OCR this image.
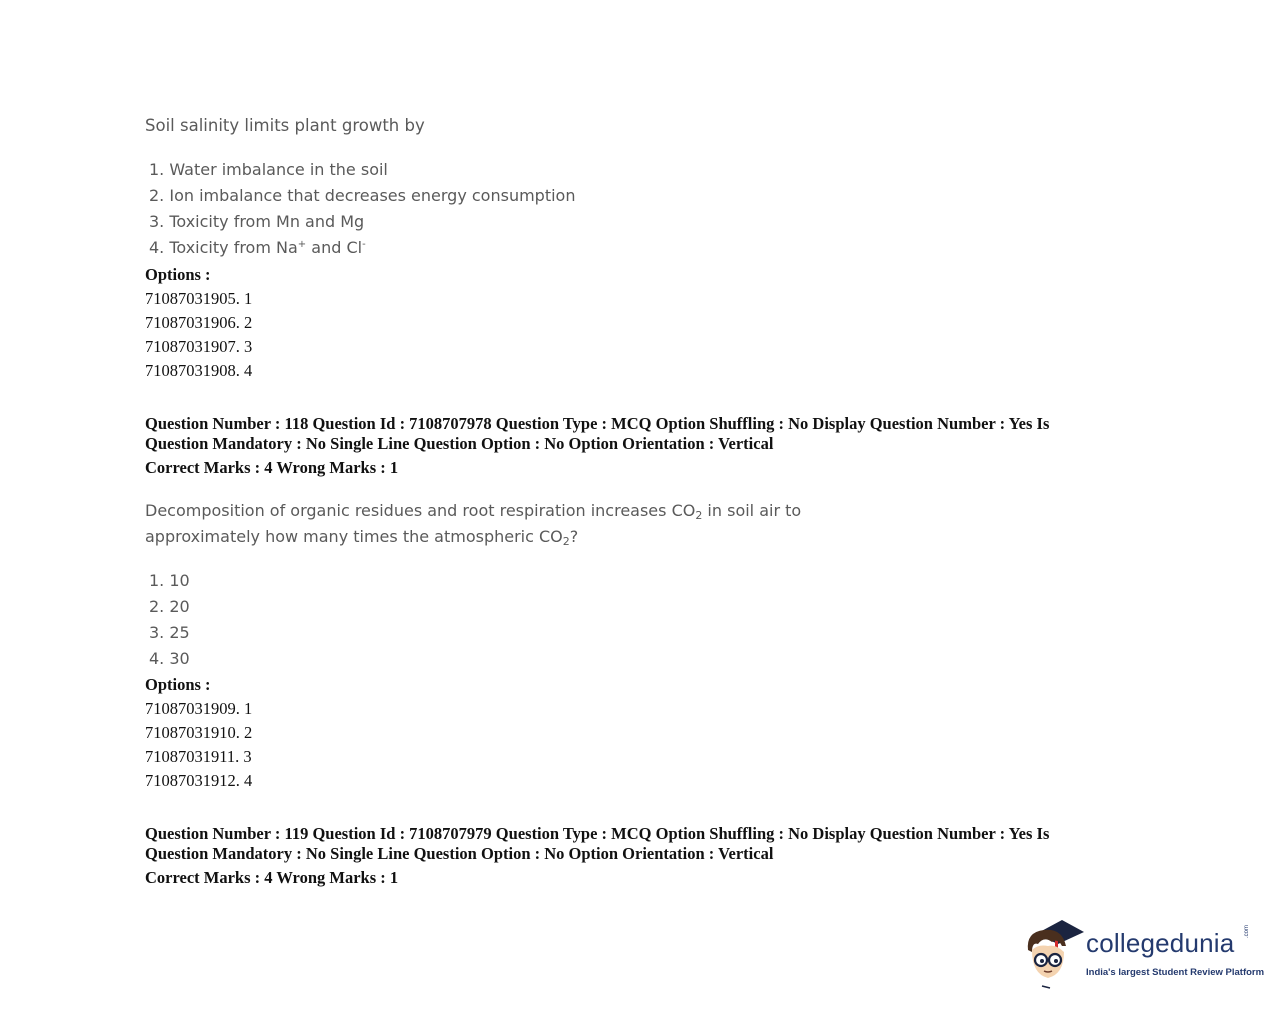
Soil salinity limits plant growth by
1. Water imbalance in the soil
2. Ion imbalance that decreases energy consumption
3. Toxicity from Mn and Mg
4. Toxicity from Na+ and Cl-
Options :
71087031905. 1
71087031906. 2
71087031907. 3
71087031908. 4
Question Number : 118 Question Id : 7108707978 Question Type : MCQ Option Shuffling : No Display Question Number : Yes Is
Question Mandatory : No Single Line Question Option : No Option Orientation : Vertical
Correct Marks : 4 Wrong Marks : 1
Decomposition of organic residues and root respiration increases $CO_2$ in soil air to
approximately how many times the atmospheric $CO_2$?
1. 10
2. 20
3. 25
4. 30
Options :
71087031909. 1
71087031910. 2
71087031911. 3
71087031912. 4
Question Number : 119 Question Id : 7108707979 Question Type : MCQ Option Shuffling : No Display Question Number : Yes Is
Question Mandatory : No Single Line Question Option : No Option Orientation : Vertical
Correct Marks : 4 Wrong Marks : 1
collegedunia .com
India's largest Student Review Platform
